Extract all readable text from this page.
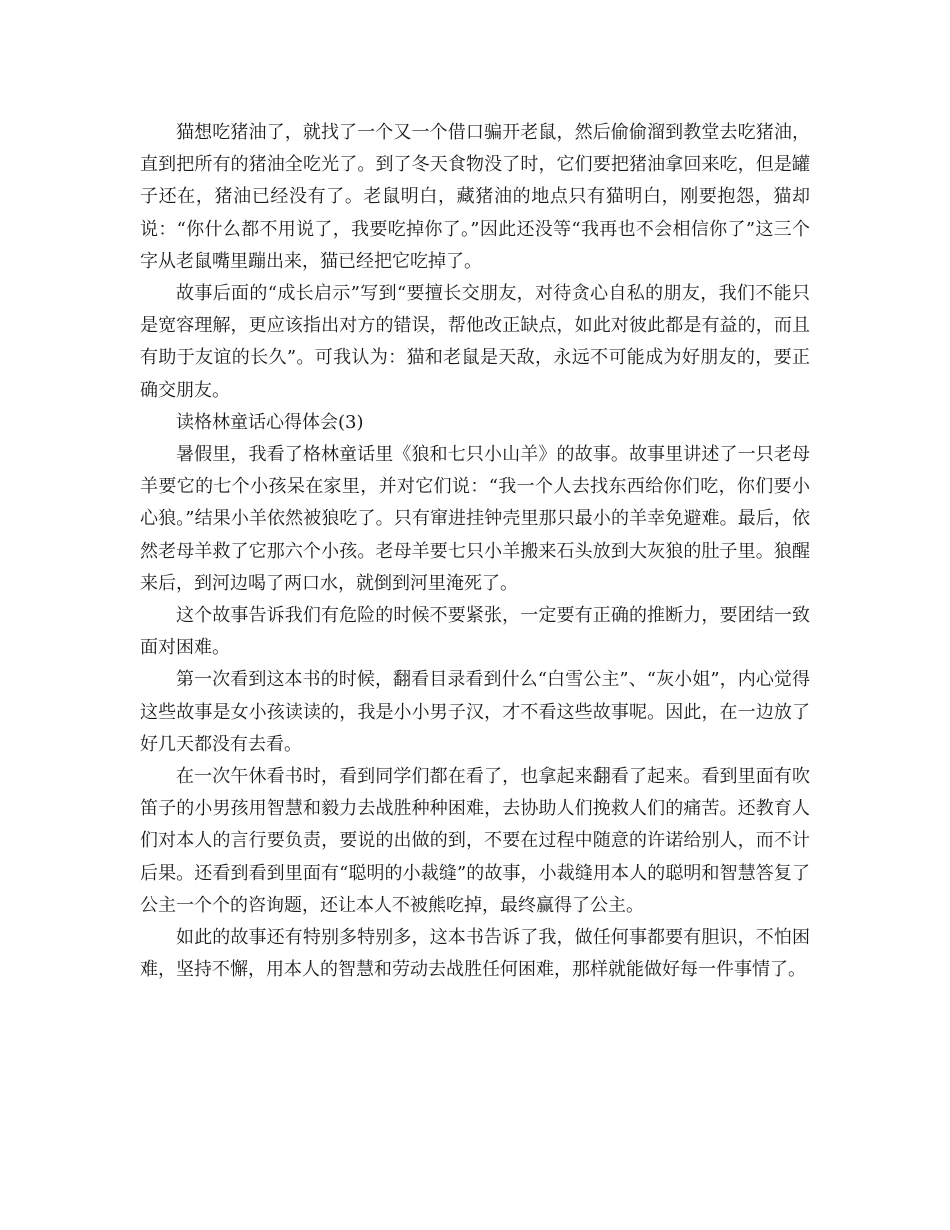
猫想吃猪油了，就找了一个又一个借口骗开老鼠，然后偷偷溜到教堂去吃猪油，直到把所有的猪油全吃光了。到了冬天食物没了时，它们要把猪油拿回来吃，但是罐子还在，猪油已经没有了。老鼠明白，藏猪油的地点只有猫明白，刚要抱怨，猫却说：“你什么都不用说了，我要吃掉你了。”因此还没等“我再也不会相信你了”这三个字从老鼠嘴里蹦出来，猫已经把它吃掉了。

故事后面的“成长启示”写到“要擅长交朋友，对待贪心自私的朋友，我们不能只是宽容理解，更应该指出对方的错误，帮他改正缺点，如此对彼此都是有益的，而且有助于友谊的长久”。可我认为：猫和老鼠是天敌，永远不可能成为好朋友的，要正确交朋友。

读格林童话心得体会(3)

暑假里，我看了格林童话里《狼和七只小山羊》的故事。故事里讲述了一只老母羊要它的七个小孩呆在家里，并对它们说：“我一个人去找东西给你们吃，你们要小心狼。”结果小羊依然被狼吃了。只有窜进挂钟壳里那只最小的羊幸免避难。最后，依然老母羊救了它那六个小孩。老母羊要七只小羊搬来石头放到大灰狼的肚子里。狼醒来后，到河边喝了两口水，就倒到河里淹死了。

这个故事告诉我们有危险的时候不要紧张，一定要有正确的推断力，要团结一致面对困难。

第一次看到这本书的时候，翻看目录看到什么“白雪公主”、“灰小姐”，内心觉得这些故事是女小孩读读的，我是小小男子汉，才不看这些故事呢。因此，在一边放了好几天都没有去看。

在一次午休看书时，看到同学们都在看了，也拿起来翻看了起来。看到里面有吹笛子的小男孩用智慧和毅力去战胜种种困难，去协助人们挽救人们的痛苦。还教育人们对本人的言行要负责，要说的出做的到，不要在过程中随意的许诺给别人，而不计后果。还看到看到里面有“聪明的小裁缝”的故事，小裁缝用本人的聪明和智慧答复了公主一个个的咨询题，还让本人不被熊吃掉，最终赢得了公主。

如此的故事还有特别多特别多，这本书告诉了我，做任何事都要有胆识，不怕困难，坚持不懈，用本人的智慧和劳动去战胜任何困难，那样就能做好每一件事情了。
